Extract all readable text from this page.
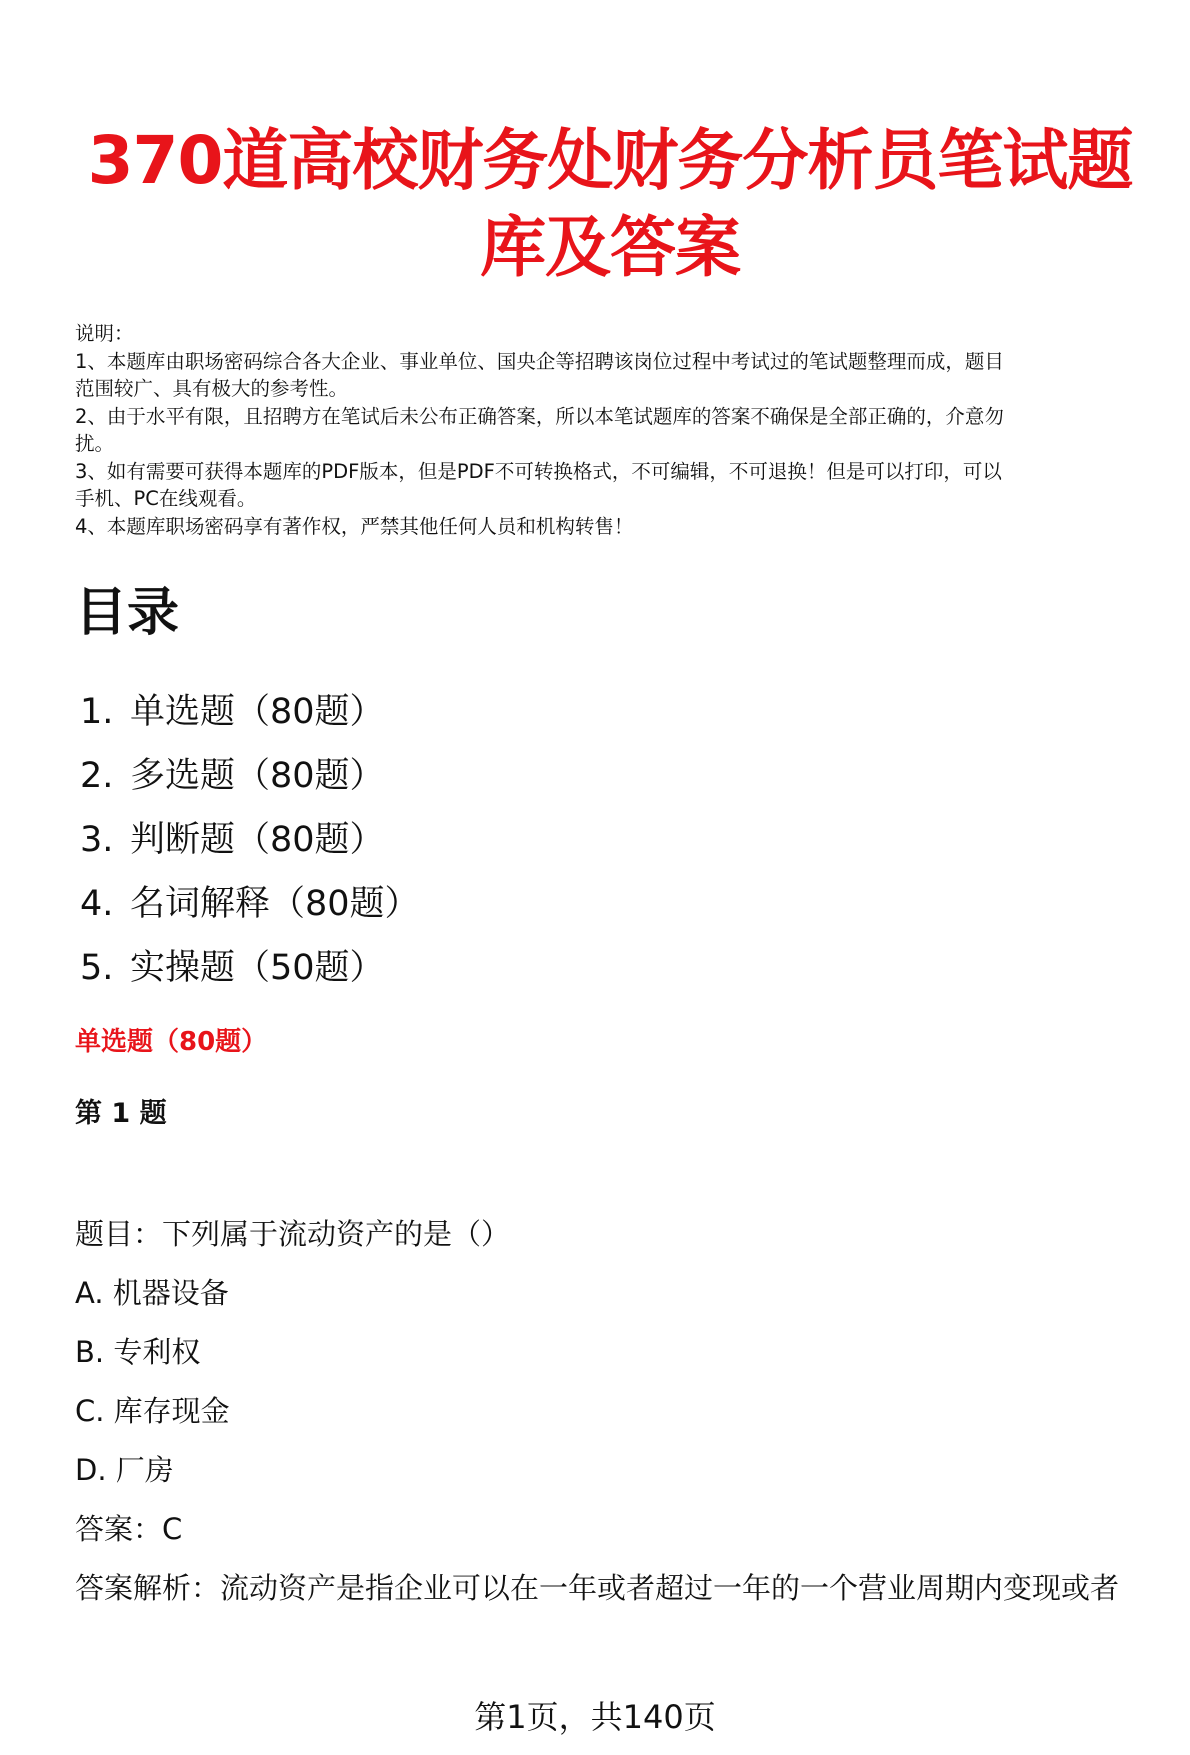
370道高校财务处财务分析员笔试题
库及答案
说明：
1、本题库由职场密码综合各大企业、事业单位、国央企等招聘该岗位过程中考试过的笔试题整理而成，题目
范围较广、具有极大的参考性。
2、由于水平有限，且招聘方在笔试后未公布正确答案，所以本笔试题库的答案不确保是全部正确的，介意勿
扰。
3、如有需要可获得本题库的PDF版本，但是PDF不可转换格式，不可编辑，不可退换！但是可以打印，可以
手机、PC在线观看。
4、本题库职场密码享有著作权，严禁其他任何人员和机构转售！
目录
1. 单选题（80题）
2. 多选题（80题）
3. 判断题（80题）
4. 名词解释（80题）
5. 实操题（50题）
单选题（80题）
第 1 题
题目：下列属于流动资产的是（）
A. 机器设备
B. 专利权
C. 库存现金
D. 厂房
答案：C
答案解析：流动资产是指企业可以在一年或者超过一年的一个营业周期内变现或者
第1页，共140页
